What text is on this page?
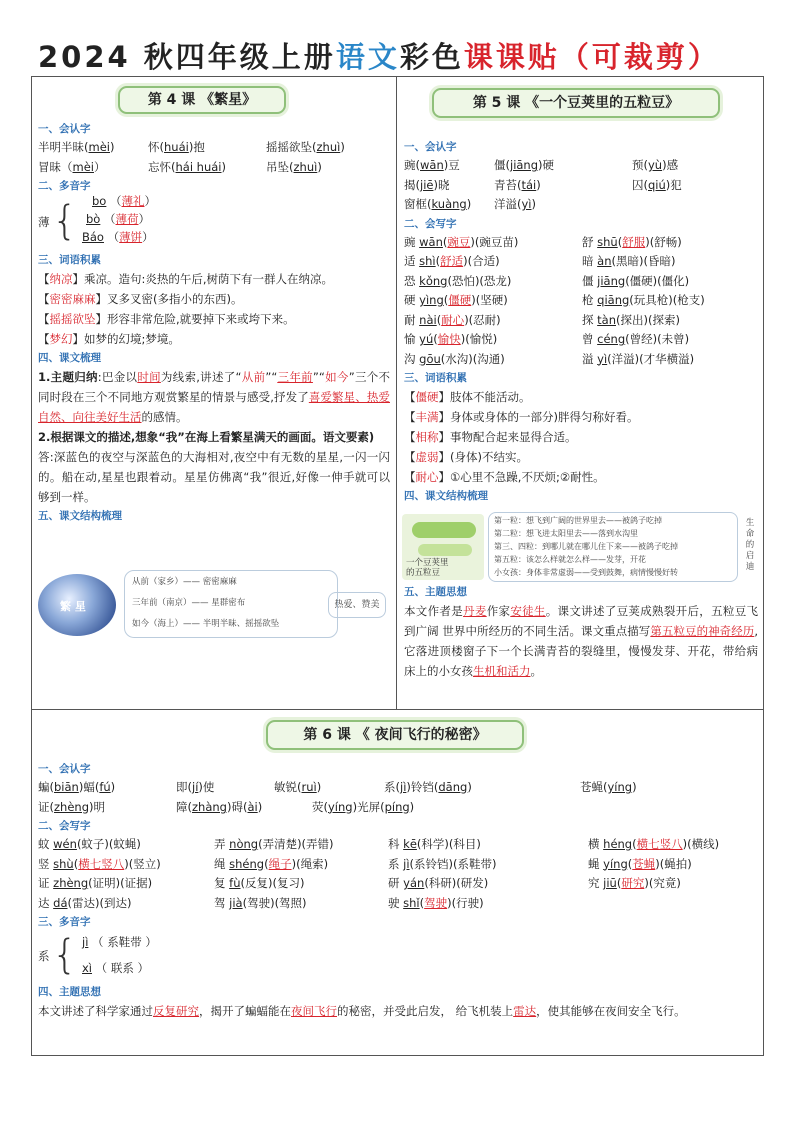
2024 秋四年级上册语文彩色课课贴（可裁剪）
第 4 课 《繁星》
一、会认字
半明半昧(mèi)	怀(huái)抱	摇摇欲坠(zhuì)
冒昧（mèi）	忘怀(hái huái)	吊坠(zhuì)
二、多音字
薄 {	bo （薄礼）
bò （薄荷）
Báo （薄饼）
三、词语积累
【纳凉】乘凉。造句:炎热的午后,树荫下有一群人在纳凉。
【密密麻麻】叉多叉密(多指小的东西)。
【摇摇欲坠】形容非常危险,就要掉下来或垮下来。
【梦幻】如梦的幻境;梦境。
四、课文梳理
1.主题归纳:巴金以时间为线索,讲述了“从前”“三年前”“如今”三个不同时段在三个不同地方观赏繁星的情景与感受,抒发了喜爱繁星、热爱自然、向往美好生活的感情。
2.根据课文的描述,想象“我”在海上看繁星满天的画面。语文要素)
答:深蓝色的夜空与深蓝色的大海相对,夜空中有无数的星星,一闪一闪的。船在动,星星也跟着动。星星仿佛离“我”很近,好像一伸手就可以够到一样。
五、课文结构梳理
繁 星
从前（家乡）—— 密密麻麻
三年前（南京）—— 星群密布
如今（海上）—— 半明半昧、摇摇欲坠
热爱、赞美
第 5 课 《一个豆荚里的五粒豆》
一、会认字
豌(wān)豆	僵(jiāng)硬	预(yù)感
揭(jiē)晓	青苔(tái)	囚(qiú)犯
窗框(kuàng) 洋溢(yì)
二、会写字
豌 wān(豌豆)(豌豆苗)	舒 shū(舒服)(舒畅)
适 shì(舒适)(合适)	暗 àn(黑暗)(昏暗)
恐 kǒng(恐怕)(恐龙)	僵 jiāng(僵硬)(僵化)
硬 yìng(僵硬)(坚硬)	枪 qiāng(玩具枪)(枪支)
耐 nài(耐心)(忍耐)	探 tàn(探出)(探索)
愉 yú(愉快)(愉悦)	曾 céng(曾经)(未曾)
沟 gōu(水沟)(沟通)	溢 yì(洋溢)(才华横溢)
三、词语积累
【僵硬】肢体不能活动。
【丰满】身体或身体的一部分)胖得匀称好看。
【相称】事物配合起来显得合适。
【虚弱】(身体)不结实。
【耐心】①心里不急躁,不厌烦;②耐性。
四、课文结构梳理
五、主题思想
本文作者是丹麦作家安徒生。课文讲述了豆荚成熟裂开后，五粒豆飞到广阔 世界中所经历的不同生活。课文重点描写第五粒豆的神奇经历,它落进顶楼窗子下一个长满青苔的裂缝里，慢慢发芽、开花，带给病床上的小女孩生机和活力。
一个豆荚里
的五粒豆
第一粒：想飞到广阔的世界里去——被鸽子吃掉
第二粒：想飞进太阳里去——落到水沟里
第三、四粒：到哪儿就在哪儿住下来——被鸽子吃掉
第五粒：该怎么样就怎么样——发芽，开花
小女孩：身体非常虚弱——受到鼓舞，病情慢慢好转
生命的启迪
第 6 课 《 夜间飞行的秘密》
一、会认字
蝙(biān)蝠(fú)	即(jí)使	敏锐(ruì)	系(jì)铃铛(dāng)	苍蝇(yíng)
证(zhèng)明	障(zhàng)碍(ài)	荧(yíng)光屏(píng)
二、会写字
蚊 wén(蚊子)(蚊蝇)	弄 nòng(弄清楚)(弄错)	科 kē(科学)(科目)	横 héng(横七竖八)(横线)
竖 shù(横七竖八)(竖立)	绳 shéng(绳子)(绳索)	系 jì(系铃铛)(系鞋带)	蝇 yíng(苍蝇)(蝇拍)
证 zhèng(证明)(证据)	复 fù(反复)(复习)	研 yán(科研)(研发)	究 jiū(研究)(究竟)
达 dá(雷达)(到达)	驾 jià(驾驶)(驾照)	驶 shǐ(驾驶)(行驶)
三、多音字
系 { jì （ 系鞋带 ）
xì （ 联系 ）
四、主题思想
本文讲述了科学家通过反复研究，揭开了蝙蝠能在夜间飞行的秘密，并受此启发， 给飞机装上雷达，使其能够在夜间安全飞行。
